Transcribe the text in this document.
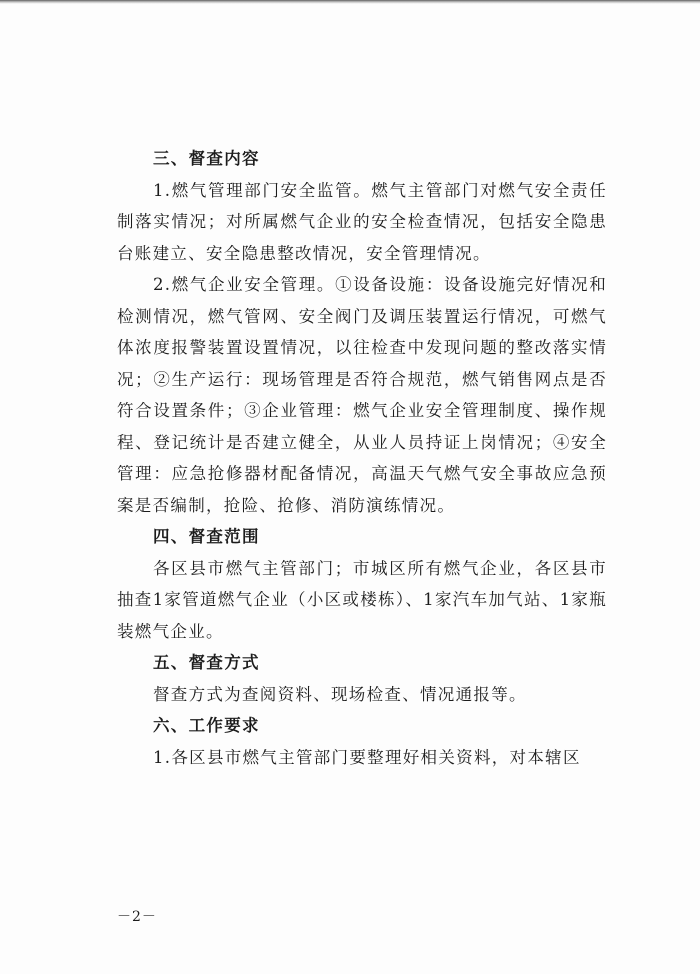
三、督查内容

1.燃气管理部门安全监管。燃气主管部门对燃气安全责任制落实情况；对所属燃气企业的安全检查情况，包括安全隐患台账建立、安全隐患整改情况，安全管理情况。

2.燃气企业安全管理。①设备设施：设备设施完好情况和检测情况，燃气管网、安全阀门及调压装置运行情况，可燃气体浓度报警装置设置情况，以往检查中发现问题的整改落实情况；②生产运行：现场管理是否符合规范，燃气销售网点是否符合设置条件；③企业管理：燃气企业安全管理制度、操作规程、登记统计是否建立健全，从业人员持证上岗情况；④安全管理：应急抢修器材配备情况，高温天气燃气安全事故应急预案是否编制，抢险、抢修、消防演练情况。

四、督查范围

各区县市燃气主管部门；市城区所有燃气企业，各区县市抽查1家管道燃气企业（小区或楼栋）、1家汽车加气站、1家瓶装燃气企业。

五、督查方式

督查方式为查阅资料、现场检查、情况通报等。

六、工作要求

1.各区县市燃气主管部门要整理好相关资料，对本辖区

－2－
